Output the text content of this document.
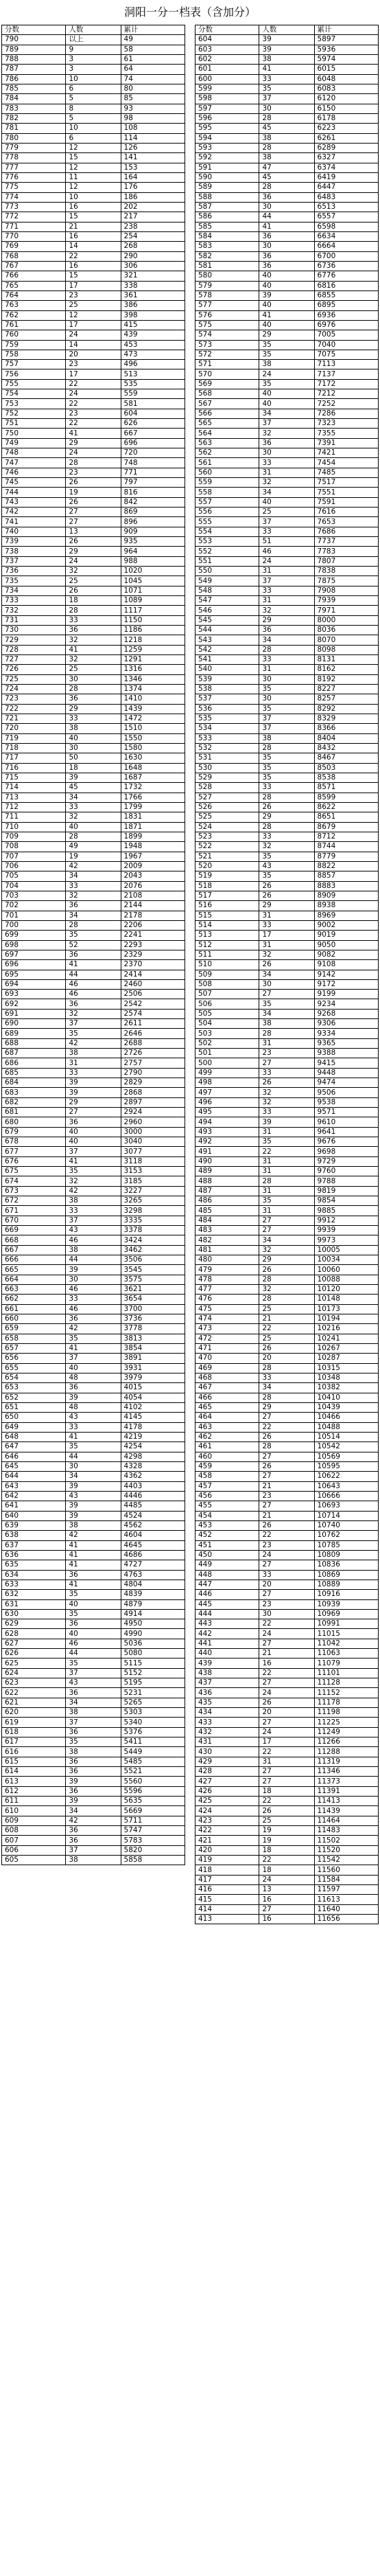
洞阳一分一档表（含加分）
分数	人数	累计
790	以上	49
789	9	58
788	3	61
787	3	64
786	10	74
785	6	80
784	5	85
783	8	93
782	5	98
781	10	108
780	6	114
779	12	126
778	15	141
777	12	153
776	11	164
775	12	176
774	10	186
773	16	202
772	15	217
771	21	238
770	16	254
769	14	268
768	22	290
767	16	306
766	15	321
765	17	338
764	23	361
763	25	386
762	12	398
761	17	415
760	24	439
759	14	453
758	20	473
757	23	496
756	17	513
755	22	535
754	24	559
753	22	581
752	23	604
751	22	626
750	41	667
749	29	696
748	24	720
747	28	748
746	23	771
745	26	797
744	19	816
743	26	842
742	27	869
741	27	896
740	13	909
739	26	935
738	29	964
737	24	988
736	32	1020
735	25	1045
734	26	1071
733	18	1089
732	28	1117
731	33	1150
730	36	1186
729	32	1218
728	41	1259
727	32	1291
726	25	1316
725	30	1346
724	28	1374
723	36	1410
722	29	1439
721	33	1472
720	38	1510
719	40	1550
718	30	1580
717	50	1630
716	18	1648
715	39	1687
714	45	1732
713	34	1766
712	33	1799
711	32	1831
710	40	1871
709	28	1899
708	49	1948
707	19	1967
706	42	2009
705	34	2043
704	33	2076
703	32	2108
702	36	2144
701	34	2178
700	28	2206
699	35	2241
698	52	2293
697	36	2329
696	41	2370
695	44	2414
694	46	2460
693	46	2506
692	36	2542
691	32	2574
690	37	2611
689	35	2646
688	42	2688
687	38	2726
686	31	2757
685	33	2790
684	39	2829
683	39	2868
682	29	2897
681	27	2924
680	36	2960
679	40	3000
678	40	3040
677	37	3077
676	41	3118
675	35	3153
674	32	3185
673	42	3227
672	38	3265
671	33	3298
670	37	3335
669	43	3378
668	46	3424
667	38	3462
666	44	3506
665	39	3545
664	30	3575
663	46	3621
662	33	3654
661	46	3700
660	36	3736
659	42	3778
658	35	3813
657	41	3854
656	37	3891
655	40	3931
654	48	3979
653	36	4015
652	39	4054
651	48	4102
650	43	4145
649	33	4178
648	41	4219
647	35	4254
646	44	4298
645	30	4328
644	34	4362
643	39	4403
642	43	4446
641	39	4485
640	39	4524
639	38	4562
638	42	4604
637	41	4645
636	41	4686
635	41	4727
634	36	4763
633	41	4804
632	35	4839
631	40	4879
630	35	4914
629	36	4950
628	40	4990
627	46	5036
626	44	5080
625	35	5115
624	37	5152
623	43	5195
622	36	5231
621	34	5265
620	38	5303
619	37	5340
618	36	5376
617	35	5411
616	38	5449
615	36	5485
614	36	5521
613	39	5560
612	36	5596
611	39	5635
610	34	5669
609	42	5711
608	36	5747
607	36	5783
606	37	5820
605	38	5858
分数	人数	累计
604	39	5897
603	39	5936
602	38	5974
601	41	6015
600	33	6048
599	35	6083
598	37	6120
597	30	6150
596	28	6178
595	45	6223
594	38	6261
593	28	6289
592	38	6327
591	47	6374
590	45	6419
589	28	6447
588	36	6483
587	30	6513
586	44	6557
585	41	6598
584	36	6634
583	30	6664
582	36	6700
581	36	6736
580	40	6776
579	40	6816
578	39	6855
577	40	6895
576	41	6936
575	40	6976
574	29	7005
573	35	7040
572	35	7075
571	38	7113
570	24	7137
569	35	7172
568	40	7212
567	40	7252
566	34	7286
565	37	7323
564	32	7355
563	36	7391
562	30	7421
561	33	7454
560	31	7485
559	32	7517
558	34	7551
557	40	7591
556	25	7616
555	37	7653
554	33	7686
553	51	7737
552	46	7783
551	24	7807
550	31	7838
549	37	7875
548	33	7908
547	31	7939
546	32	7971
545	29	8000
544	36	8036
543	34	8070
542	28	8098
541	33	8131
540	31	8162
539	30	8192
538	35	8227
537	30	8257
536	35	8292
535	37	8329
534	37	8366
533	38	8404
532	28	8432
531	35	8467
530	35	8503
529	35	8538
528	33	8571
527	28	8599
526	26	8622
525	29	8651
524	28	8679
523	33	8712
522	32	8744
521	35	8779
520	43	8822
519	35	8857
518	26	8883
517	26	8909
516	29	8938
515	31	8969
514	33	9002
513	17	9019
512	31	9050
511	32	9082
510	26	9108
509	34	9142
508	30	9172
507	27	9199
506	35	9234
505	34	9268
504	38	9306
503	28	9334
502	31	9365
501	23	9388
500	27	9415
499	33	9448
498	26	9474
497	32	9506
496	32	9538
495	33	9571
494	39	9610
493	31	9641
492	35	9676
491	22	9698
490	31	9729
489	31	9760
488	28	9788
487	31	9819
486	35	9854
485	31	9885
484	27	9912
483	27	9939
482	34	9973
481	32	10005
480	29	10034
479	26	10060
478	28	10088
477	32	10120
476	28	10148
475	25	10173
474	21	10194
473	22	10216
472	25	10241
471	26	10267
470	20	10287
469	28	10315
468	33	10348
467	34	10382
466	28	10410
465	29	10439
464	27	10466
463	22	10488
462	26	10514
461	28	10542
460	27	10569
459	26	10595
458	27	10622
457	21	10643
456	23	10666
455	27	10693
454	21	10714
453	26	10740
452	22	10762
451	23	10785
450	24	10809
449	27	10836
448	33	10869
447	20	10889
446	27	10916
445	23	10939
444	30	10969
443	22	10991
442	24	11015
441	27	11042
440	21	11063
439	16	11079
438	22	11101
437	27	11128
436	24	11152
435	26	11178
434	20	11198
433	27	11225
432	24	11249
431	17	11266
430	22	11288
429	31	11319
428	27	11346
427	27	11373
426	18	11391
425	22	11413
424	26	11439
423	25	11464
422	19	11483
421	19	11502
420	18	11520
419	22	11542
418	18	11560
417	24	11584
416	13	11597
415	16	11613
414	27	11640
413	16	11656
